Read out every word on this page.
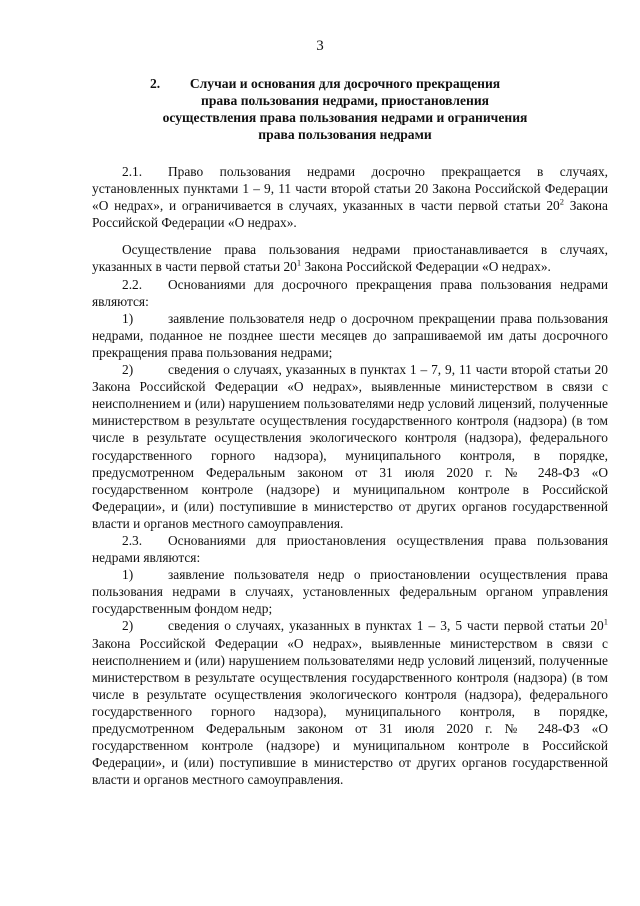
3
2.	Случаи и основания для досрочного прекращения
права пользования недрами, приостановления
осуществления права пользования недрами и ограничения
права пользования недрами

2.1. Право пользования недрами досрочно прекращается в случаях, установленных пунктами 1 – 9, 11 части второй статьи 20 Закона Российской Федерации «О недрах», и ограничивается в случаях, указанных в части первой статьи $20^2$ Закона Российской Федерации «О недрах».

Осуществление права пользования недрами приостанавливается в случаях, указанных в части первой статьи $20^1$ Закона Российской Федерации «О недрах».

2.2. Основаниями для досрочного прекращения права пользования недрами являются:

1)	заявление пользователя недр о досрочном прекращении права пользования недрами, поданное не позднее шести месяцев до запрашиваемой им даты досрочного прекращения права пользования недрами;

2)	сведения о случаях, указанных в пунктах 1 – 7, 9, 11 части второй статьи 20 Закона Российской Федерации «О недрах», выявленные министерством в связи с неисполнением и (или) нарушением пользователями недр условий лицензий, полученные министерством в результате осуществления государственного контроля (надзора) (в том числе в результате осуществления экологического контроля (надзора), федерального государственного горного надзора), муниципального контроля, в порядке, предусмотренном Федеральным законом от 31 июля 2020 г. № 248-ФЗ «О государственном контроле (надзоре) и муниципальном контроле в Российской Федерации», и (или) поступившие в министерство от других органов государственной власти и органов местного самоуправления.

2.3. Основаниями для приостановления осуществления права пользования недрами являются:

1)	заявление пользователя недр о приостановлении осуществления права пользования недрами в случаях, установленных федеральным органом управления государственным фондом недр;

2)	сведения о случаях, указанных в пунктах 1 – 3, 5 части первой статьи $20^1$ Закона Российской Федерации «О недрах», выявленные министерством в связи с неисполнением и (или) нарушением пользователями недр условий лицензий, полученные министерством в результате осуществления государственного контроля (надзора) (в том числе в результате осуществления экологического контроля (надзора), федерального государственного горного надзора), муниципального контроля, в порядке, предусмотренном Федеральным законом от 31 июля 2020 г. № 248-ФЗ «О государственном контроле (надзоре) и муниципальном контроле в Российской Федерации», и (или) поступившие в министерство от других органов государственной власти и органов местного самоуправления.
